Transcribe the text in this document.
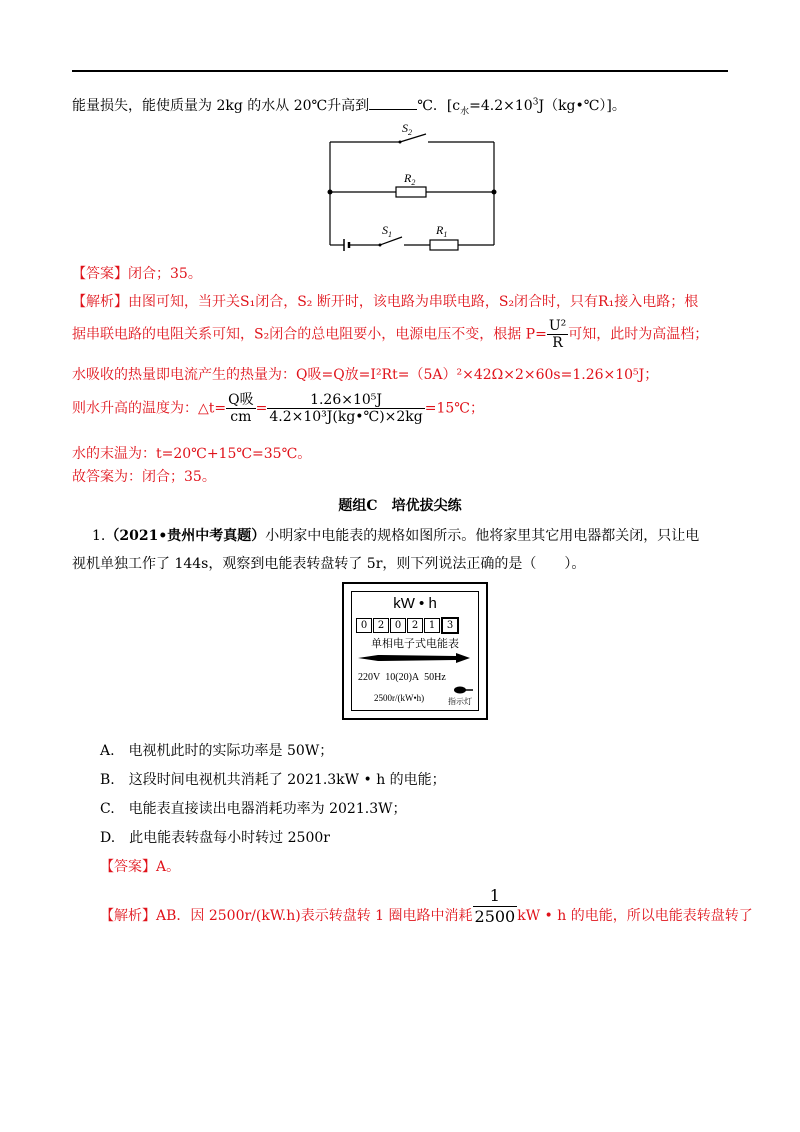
能量损失，能使质量为 2kg 的水从 20℃升高到	℃．$[c_水=4.2\times 10^3J(kg•℃)]$。
$S_2$
$R_2$
$S_1$	$R_1$
【答案】闭合；35。
【解析】由图可知，当开关S₁闭合，S₂ 断开时，该电路为串联电路，S₂闭合时，只有R₁接入电路；根
据串联电路的电阻关系可知，S₂闭合的总电阻要小，电源电压不变，根据 $P= \frac{\text{U²}}{R}$ 可知，此时为高温档；
水吸收的热量即电流产生的热量为：Q吸=Q放=I²Rt=（5A）²×42Ω×2×60s=1.26×10⁵J；
则水升高的温度为：△t= $\frac{\text{Q吸}}{cm} = \frac{\text{1.26×10⁵J}}{\text{4.2×10³J(kg•℃)×2kg}}$ =15℃；
水的末温为：t=20℃+15℃=35℃。
故答案为：闭合；35。
题组C　培优拔尖练
1.（2021•贵州中考真题）小明家中电能表的规格如图所示。他将家里其它用电器都关闭，只让电
视机单独工作了 144s，观察到电能表转盘转了 5r，则下列说法正确的是（　　）。
kW • h
0 2 0 2 1 3
单相电子式电能表
220V 10(20)A 50Hz
2500r/(kW•h)	指示灯
A.　电视机此时的实际功率是 50W；
B.　这段时间电视机共消耗了 2021.3kW • h 的电能；
C.　电能表直接读出电器消耗功率为 2021.3W；
D.　此电能表转盘每小时转过 2500r
【答案】A。
【解析】AB．因 2500r/(kW.h)表示转盘转 1 圈电路中消耗 $\frac{1}{2500}$ kW • h 的电能，所以电能表转盘转了
